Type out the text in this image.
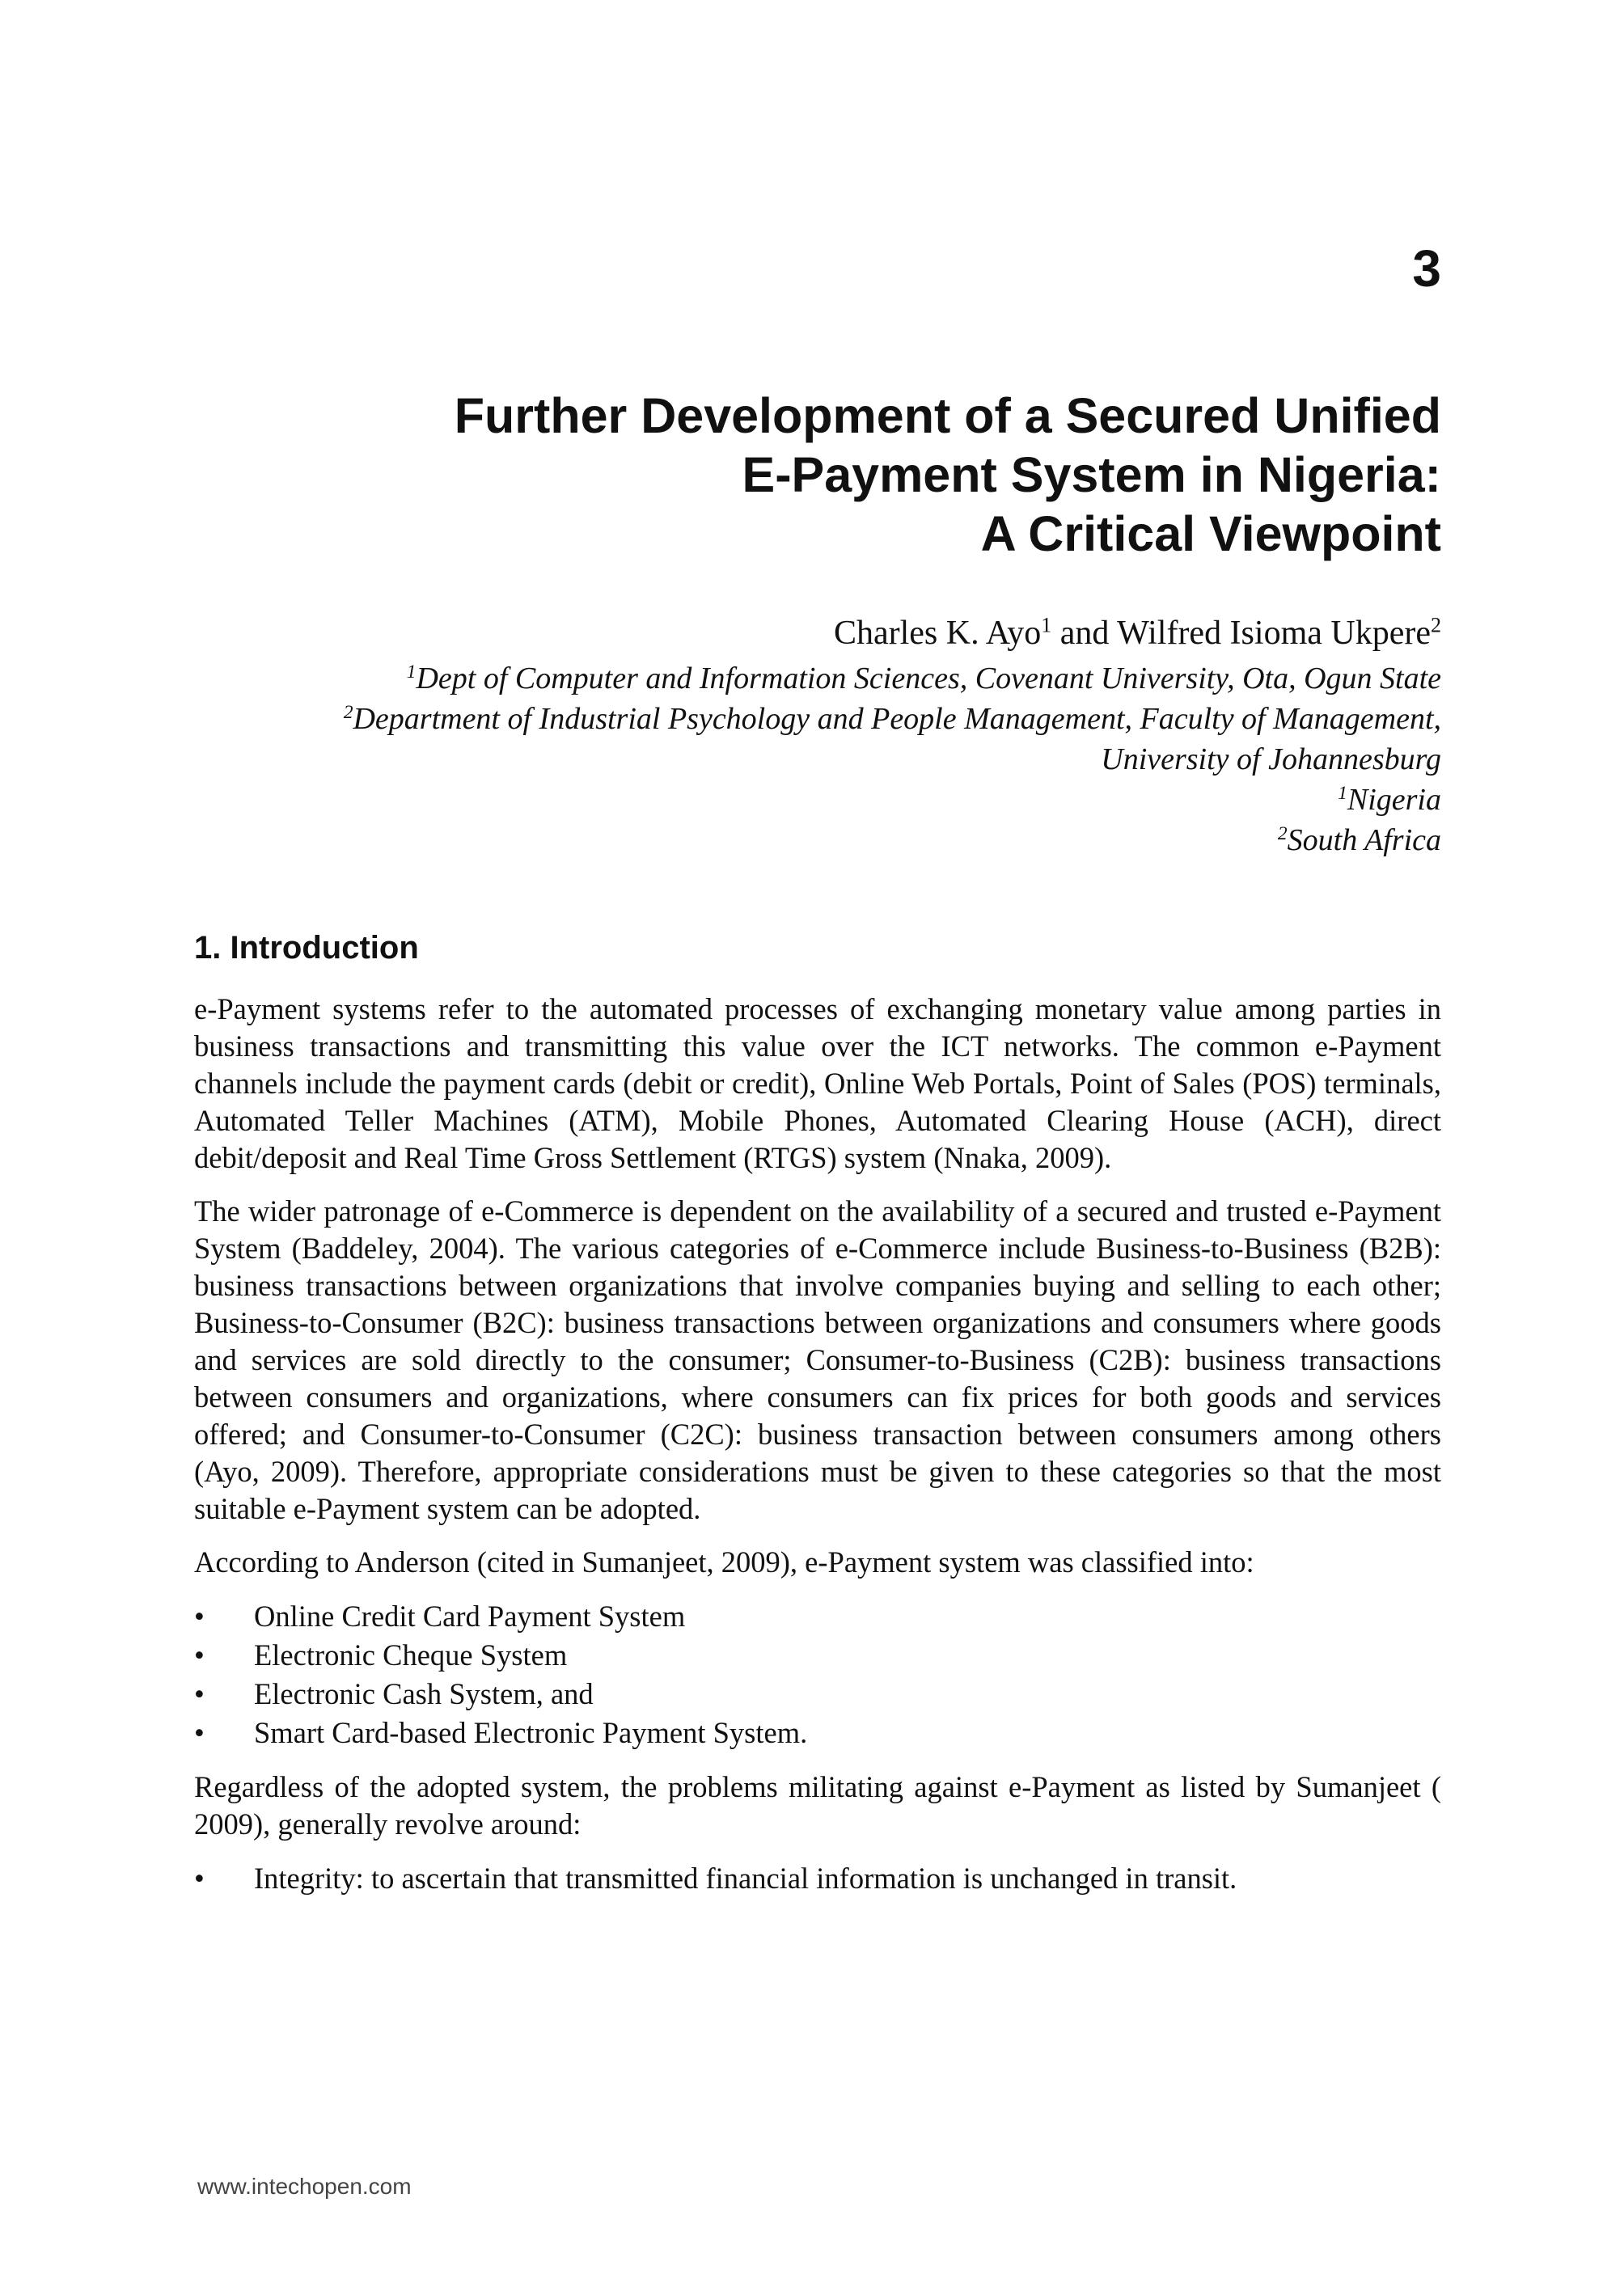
3
Further Development of a Secured Unified
E-Payment System in Nigeria:
A Critical Viewpoint

Charles K. Ayo$^1$ and Wilfred Isioma Ukpere$^2$

$^1$Dept of Computer and Information Sciences, Covenant University, Ota, Ogun State
$^2$Department of Industrial Psychology and People Management, Faculty of Management,
University of Johannesburg
$^1$Nigeria
$^2$South Africa
1. Introduction

e-Payment systems refer to the automated processes of exchanging monetary value among parties in business transactions and transmitting this value over the ICT networks. The common e-Payment channels include the payment cards (debit or credit), Online Web Portals, Point of Sales (POS) terminals, Automated Teller Machines (ATM), Mobile Phones, Automated Clearing House (ACH), direct debit/deposit and Real Time Gross Settlement (RTGS) system (Nnaka, 2009).

The wider patronage of e-Commerce is dependent on the availability of a secured and trusted e-Payment System (Baddeley, 2004). The various categories of e-Commerce include Business-to-Business (B2B): business transactions between organizations that involve companies buying and selling to each other; Business-to-Consumer (B2C): business transactions between organizations and consumers where goods and services are sold directly to the consumer; Consumer-to-Business (C2B): business transactions between consumers and organizations, where consumers can fix prices for both goods and services offered; and Consumer-to-Consumer (C2C): business transaction between consumers among others (Ayo, 2009). Therefore, appropriate considerations must be given to these categories so that the most suitable e-Payment system can be adopted.

According to Anderson (cited in Sumanjeet, 2009), e-Payment system was classified into:

• Online Credit Card Payment System
• Electronic Cheque System
• Electronic Cash System, and
• Smart Card-based Electronic Payment System.

Regardless of the adopted system, the problems militating against e-Payment as listed by Sumanjeet ( 2009), generally revolve around:

• Integrity: to ascertain that transmitted financial information is unchanged in transit.

www.intechopen.com
